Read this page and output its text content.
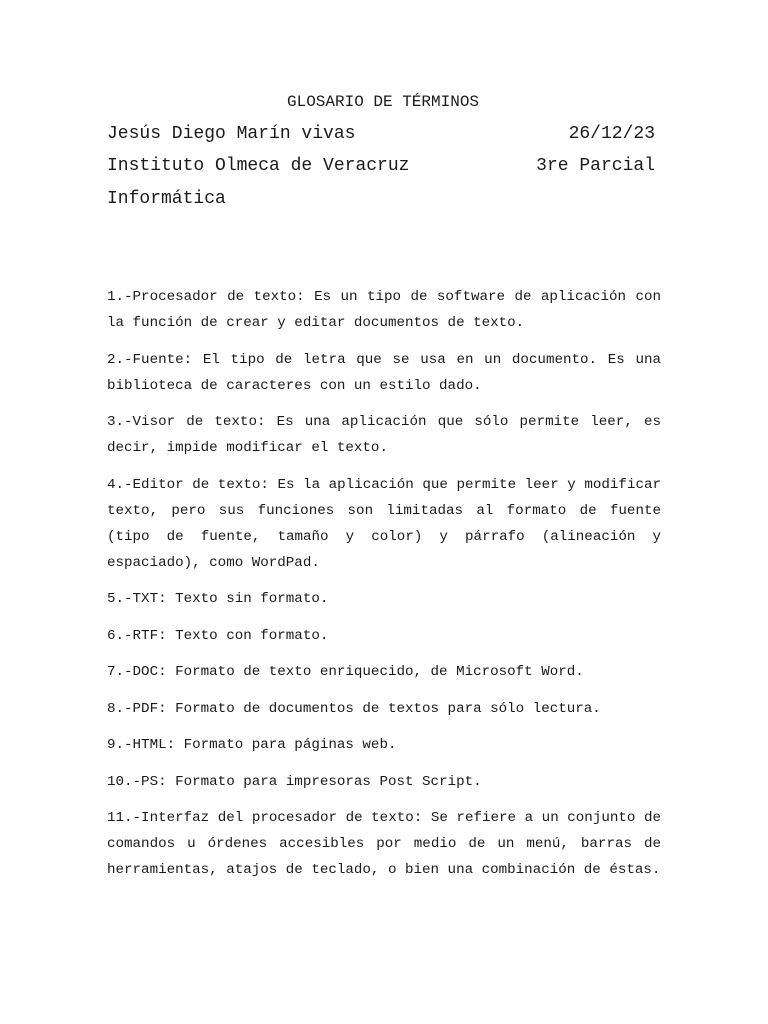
GLOSARIO DE TÉRMINOS
Jesús Diego Marín vivas	26/12/23
Instituto Olmeca de Veracruz	3re Parcial
Informática

1.-Procesador de texto: Es un tipo de software de aplicación con la función de crear y editar documentos de texto.

2.-Fuente: El tipo de letra que se usa en un documento. Es una biblioteca de caracteres con un estilo dado.

3.-Visor de texto: Es una aplicación que sólo permite leer, es decir, impide modificar el texto.

4.-Editor de texto: Es la aplicación que permite leer y modificar texto, pero sus funciones son limitadas al formato de fuente (tipo de fuente, tamaño y color) y párrafo (alineación y espaciado), como WordPad.

5.-TXT: Texto sin formato.

6.-RTF: Texto con formato.

7.-DOC: Formato de texto enriquecido, de Microsoft Word.

8.-PDF: Formato de documentos de textos para sólo lectura.

9.-HTML: Formato para páginas web.

10.-PS: Formato para impresoras Post Script.

11.-Interfaz del procesador de texto: Se refiere a un conjunto de comandos u órdenes accesibles por medio de un menú, barras de herramientas, atajos de teclado, o bien una combinación de éstas.
